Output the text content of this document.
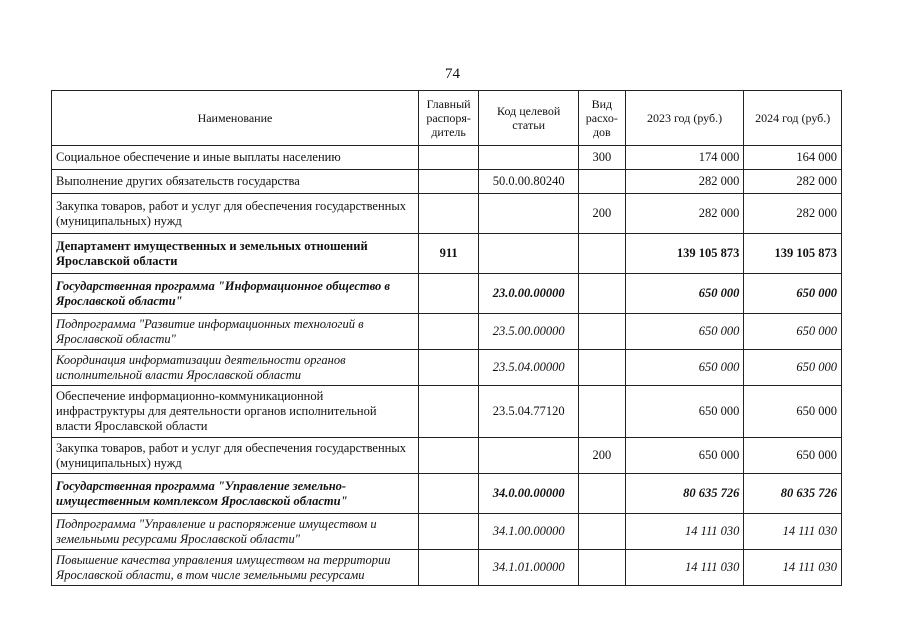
74
Наименование	Главный распоря-дитель	Код целевой статьи	Вид расхо-дов	2023 год (руб.)	2024 год (руб.)
Социальное обеспечение и иные выплаты населению			300	174 000	164 000
Выполнение других обязательств государства		50.0.00.80240		282 000	282 000
Закупка товаров, работ и услуг для обеспечения государственных (муниципальных) нужд			200	282 000	282 000
Департамент имущественных и земельных отношений Ярославской области	911			139 105 873	139 105 873
Государственная программа "Информационное общество в Ярославской области"		23.0.00.00000		650 000	650 000
Подпрограмма "Развитие информационных технологий в Ярославской области"		23.5.00.00000		650 000	650 000
Координация информатизации деятельности органов исполнительной власти Ярославской области		23.5.04.00000		650 000	650 000
Обеспечение информационно-коммуникационной инфраструктуры для деятельности органов исполнительной власти Ярославской области		23.5.04.77120		650 000	650 000
Закупка товаров, работ и услуг для обеспечения государственных (муниципальных) нужд			200	650 000	650 000
Государственная программа "Управление земельно-имущественным комплексом Ярославской области"		34.0.00.00000		80 635 726	80 635 726
Подпрограмма "Управление и распоряжение имуществом и земельными ресурсами Ярославской области"		34.1.00.00000		14 111 030	14 111 030
Повышение качества управления имуществом на территории Ярославской области, в том числе земельными ресурсами		34.1.01.00000		14 111 030	14 111 030
